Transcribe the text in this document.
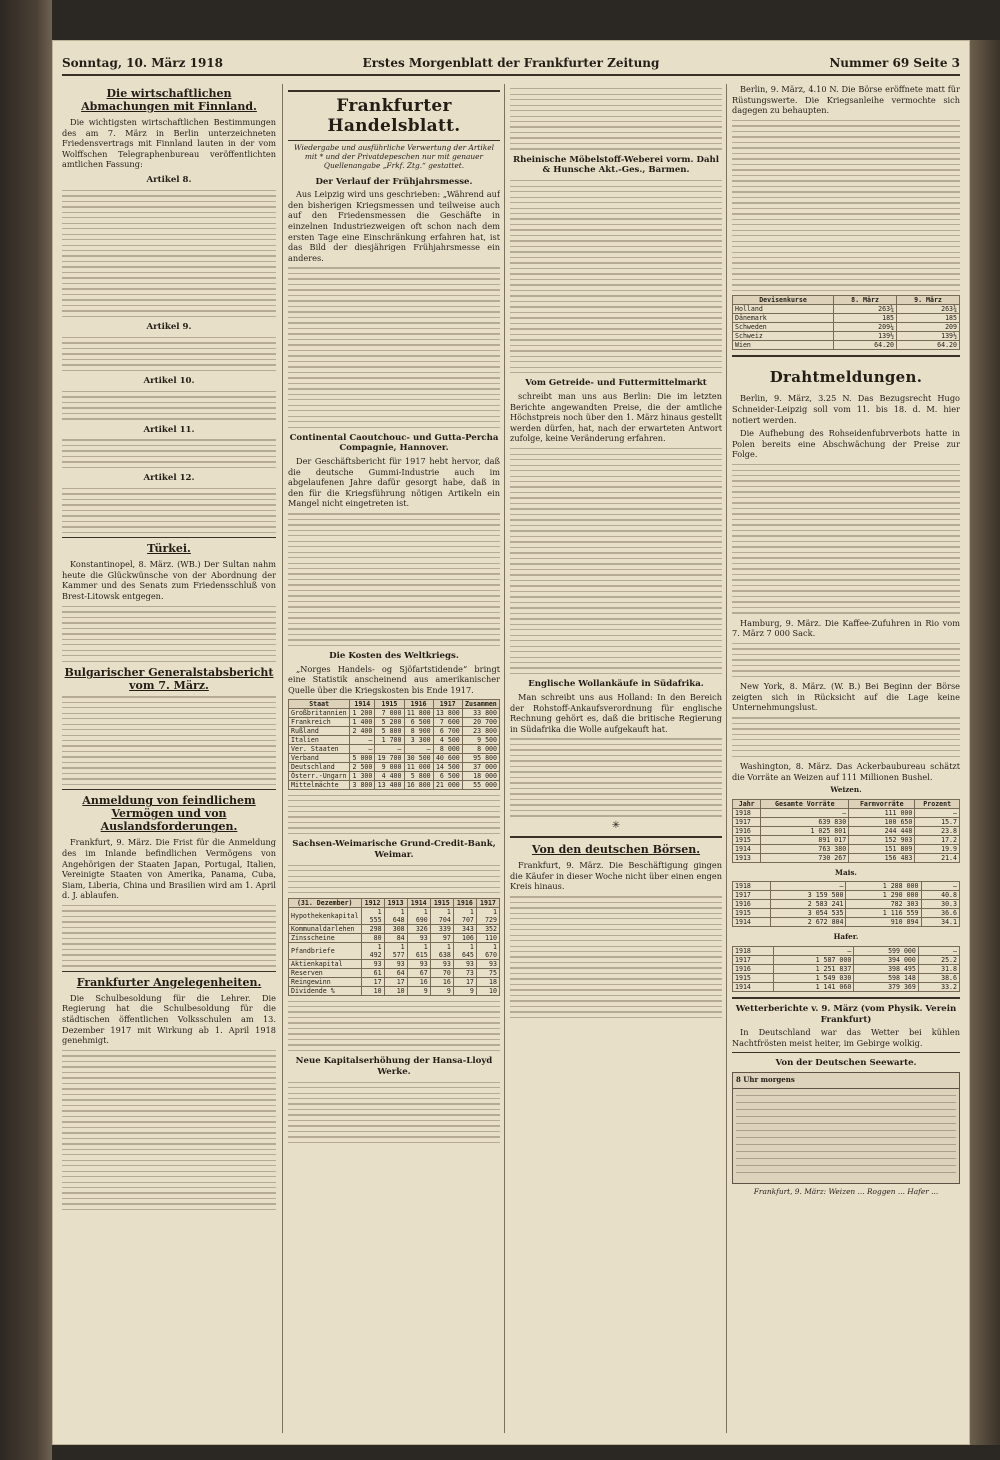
Sonntag, 10. März 1918	Erstes Morgenblatt der Frankfurter Zeitung	Nummer 69 Seite 3
Die wirtschaftlichen Abmachungen mit Finnland.

Die wichtigsten wirtschaftlichen Bestimmungen des am 7. März in Berlin unterzeichneten Friedensvertrags mit Finnland lauten in der vom Wolffschen Telegraphenbureau veröffentlichten amtlichen Fassung:

Artikel 8.
Artikel 9.
Artikel 10.
Artikel 11.
Artikel 12.
Türkei.

Konstantinopel, 8. März. (WB.) Der Sultan nahm heute die Glückwünsche von der Abordnung der Kammer und des Senats zum Friedensschluß von Brest-Litowsk entgegen.

Bulgarischer Generalstabsbericht vom 7. März.
Anmeldung von feindlichem Vermögen und von Auslandsforderungen.

Frankfurt, 9. März. Die Frist für die Anmeldung des im Inlande befindlichen Vermögens von Angehörigen der Staaten Japan, Portugal, Italien, Vereinigte Staaten von Amerika, Panama, Cuba, Siam, Liberia, China und Brasilien wird am 1. April d. J. ablaufen.

Frankfurter Angelegenheiten.

Die Schulbesoldung für die Lehrer. Die Regierung hat die Schulbesoldung für die städtischen öffentlichen Volksschulen am 13. Dezember 1917 mit Wirkung ab 1. April 1918 genehmigt.

Frankfurter Handelsblatt.
Wiedergabe und ausführliche Verwertung der Artikel mit * und der Privatdepeschen nur mit genauer Quellenangabe „Frkf. Ztg.“ gestattet.
Der Verlauf der Frühjahrsmesse.

Aus Leipzig wird uns geschrieben: „Während auf den bisherigen Kriegsmessen und teilweise auch auf den Friedensmessen die Geschäfte in einzelnen Industriezweigen oft schon nach dem ersten Tage eine Einschränkung erfahren hat, ist das Bild der diesjährigen Frühjahrsmesse ein anderes.

Continental Caoutchouc- und Gutta-Percha Compagnie, Hannover.

Der Geschäftsbericht für 1917 hebt hervor, daß die deutsche Gummi-Industrie auch im abgelaufenen Jahre dafür gesorgt habe, daß in den für die Kriegsführung nötigen Artikeln ein Mangel nicht eingetreten ist.

Die Kosten des Weltkriegs.

„Norges Handels- og Sjöfartstidende“ bringt eine Statistik anscheinend aus amerikanischer Quelle über die Kriegskosten bis Ende 1917.

Staat	1914	1915	1916	1917	Zusammen
Großbritannien	1 200	7 000	11 800	13 800	33 800
Frankreich	1 400	5 200	6 500	7 600	20 700
Rußland	2 400	5 800	8 900	6 700	23 800
Italien	—	1 700	3 300	4 500	9 500
Ver. Staaten	—	—	—	8 000	8 000
Verband	5 000	19 700	30 500	40 600	95 800
Deutschland	2 500	9 000	11 000	14 500	37 000
Österr.-Ungarn	1 300	4 400	5 800	6 500	18 000
Mittelmächte	3 800	13 400	16 800	21 000	55 000
Sachsen-Weimarische Grund-Credit-Bank, Weimar.
(31. Dezember)	1912	1913	1914	1915	1916	1917
Hypothekenkapital	1 555	1 648	1 690	1 704	1 707	1 729
Kommunaldarlehen	298	308	326	339	343	352
Zinsscheine	80	84	93	97	106	110
Pfandbriefe	1 492	1 577	1 615	1 638	1 645	1 670
Aktienkapital	93	93	93	93	93	93
Reserven	61	64	67	70	73	75
Reingewinn	17	17	16	16	17	18
Dividende %	10	10	9	9	9	10
Neue Kapitalserhöhung der Hansa-Lloyd Werke.
Rheinische Möbelstoff-Weberei vorm. Dahl & Hunsche Akt.-Ges., Barmen.
Vom Getreide- und Futtermittelmarkt

schreibt man uns aus Berlin: Die im letzten Berichte angewandten Preise, die der amtliche Höchstpreis noch über den 1. März hinaus gestellt werden dürfen, hat, nach der erwarteten Antwort zufolge, keine Veränderung erfahren.

Englische Wollankäufe in Südafrika.

Man schreibt uns aus Holland: In den Bereich der Rohstoff-Ankaufsverordnung für englische Rechnung gehört es, daß die britische Regierung in Südafrika die Wolle aufgekauft hat.

✳
Von den deutschen Börsen.

Frankfurt, 9. März. Die Beschäftigung gingen die Käufer in dieser Woche nicht über einen engen Kreis hinaus.

Berlin, 9. März, 4.10 N. Die Börse eröffnete matt für Rüstungswerte. Die Kriegsanleihe vermochte sich dagegen zu behaupten.

Devisenkurse	8. März	9. März
Holland	263¾	263¾
Dänemark	185	185
Schweden	209¼	209
Schweiz	139½	139½
Wien	64.20	64.20
Drahtmeldungen.

Berlin, 9. März, 3.25 N. Das Bezugsrecht Hugo Schneider-Leipzig soll vom 11. bis 18. d. M. hier notiert werden.

Die Aufhebung des Rohseidenfubrverbots hatte in Polen bereits eine Abschwächung der Preise zur Folge.

Hamburg, 9. März. Die Kaffee-Zufuhren in Rio vom 7. März 7 000 Sack.

New York, 8. März. (W. B.) Bei Beginn der Börse zeigten sich in Rücksicht auf die Lage keine Unternehmungslust.

Washington, 8. März. Das Ackerbaubureau schätzt die Vorräte an Weizen auf 111 Millionen Bushel.

Weizen.
Jahr	Gesamte Vorräte	Farmvorräte	Prozent
1918	—	111 000	—
1917	639 830	100 650	15.7
1916	1 025 801	244 448	23.8
1915	891 017	152 903	17.2
1914	763 380	151 809	19.9
1913	730 267	156 483	21.4
Mais.
1918	—	1 288 000	—
1917	3 159 500	1 290 000	40.8
1916	2 583 241	782 303	30.3
1915	3 054 535	1 116 559	36.6
1914	2 672 804	910 894	34.1
Hafer.
1918	—	599 000	—
1917	1 587 000	394 000	25.2
1916	1 251 837	398 495	31.8
1915	1 549 030	598 148	38.6
1914	1 141 060	379 369	33.2
Wetterberichte v. 9. März (vom Physik. Verein Frankfurt)

In Deutschland war das Wetter bei kühlen Nachtfrösten meist heiter, im Gebirge wolkig.

Von der Deutschen Seewarte.
8 Uhr morgens
Frankfurt, 9. März: Weizen ... Roggen ... Hafer ...
